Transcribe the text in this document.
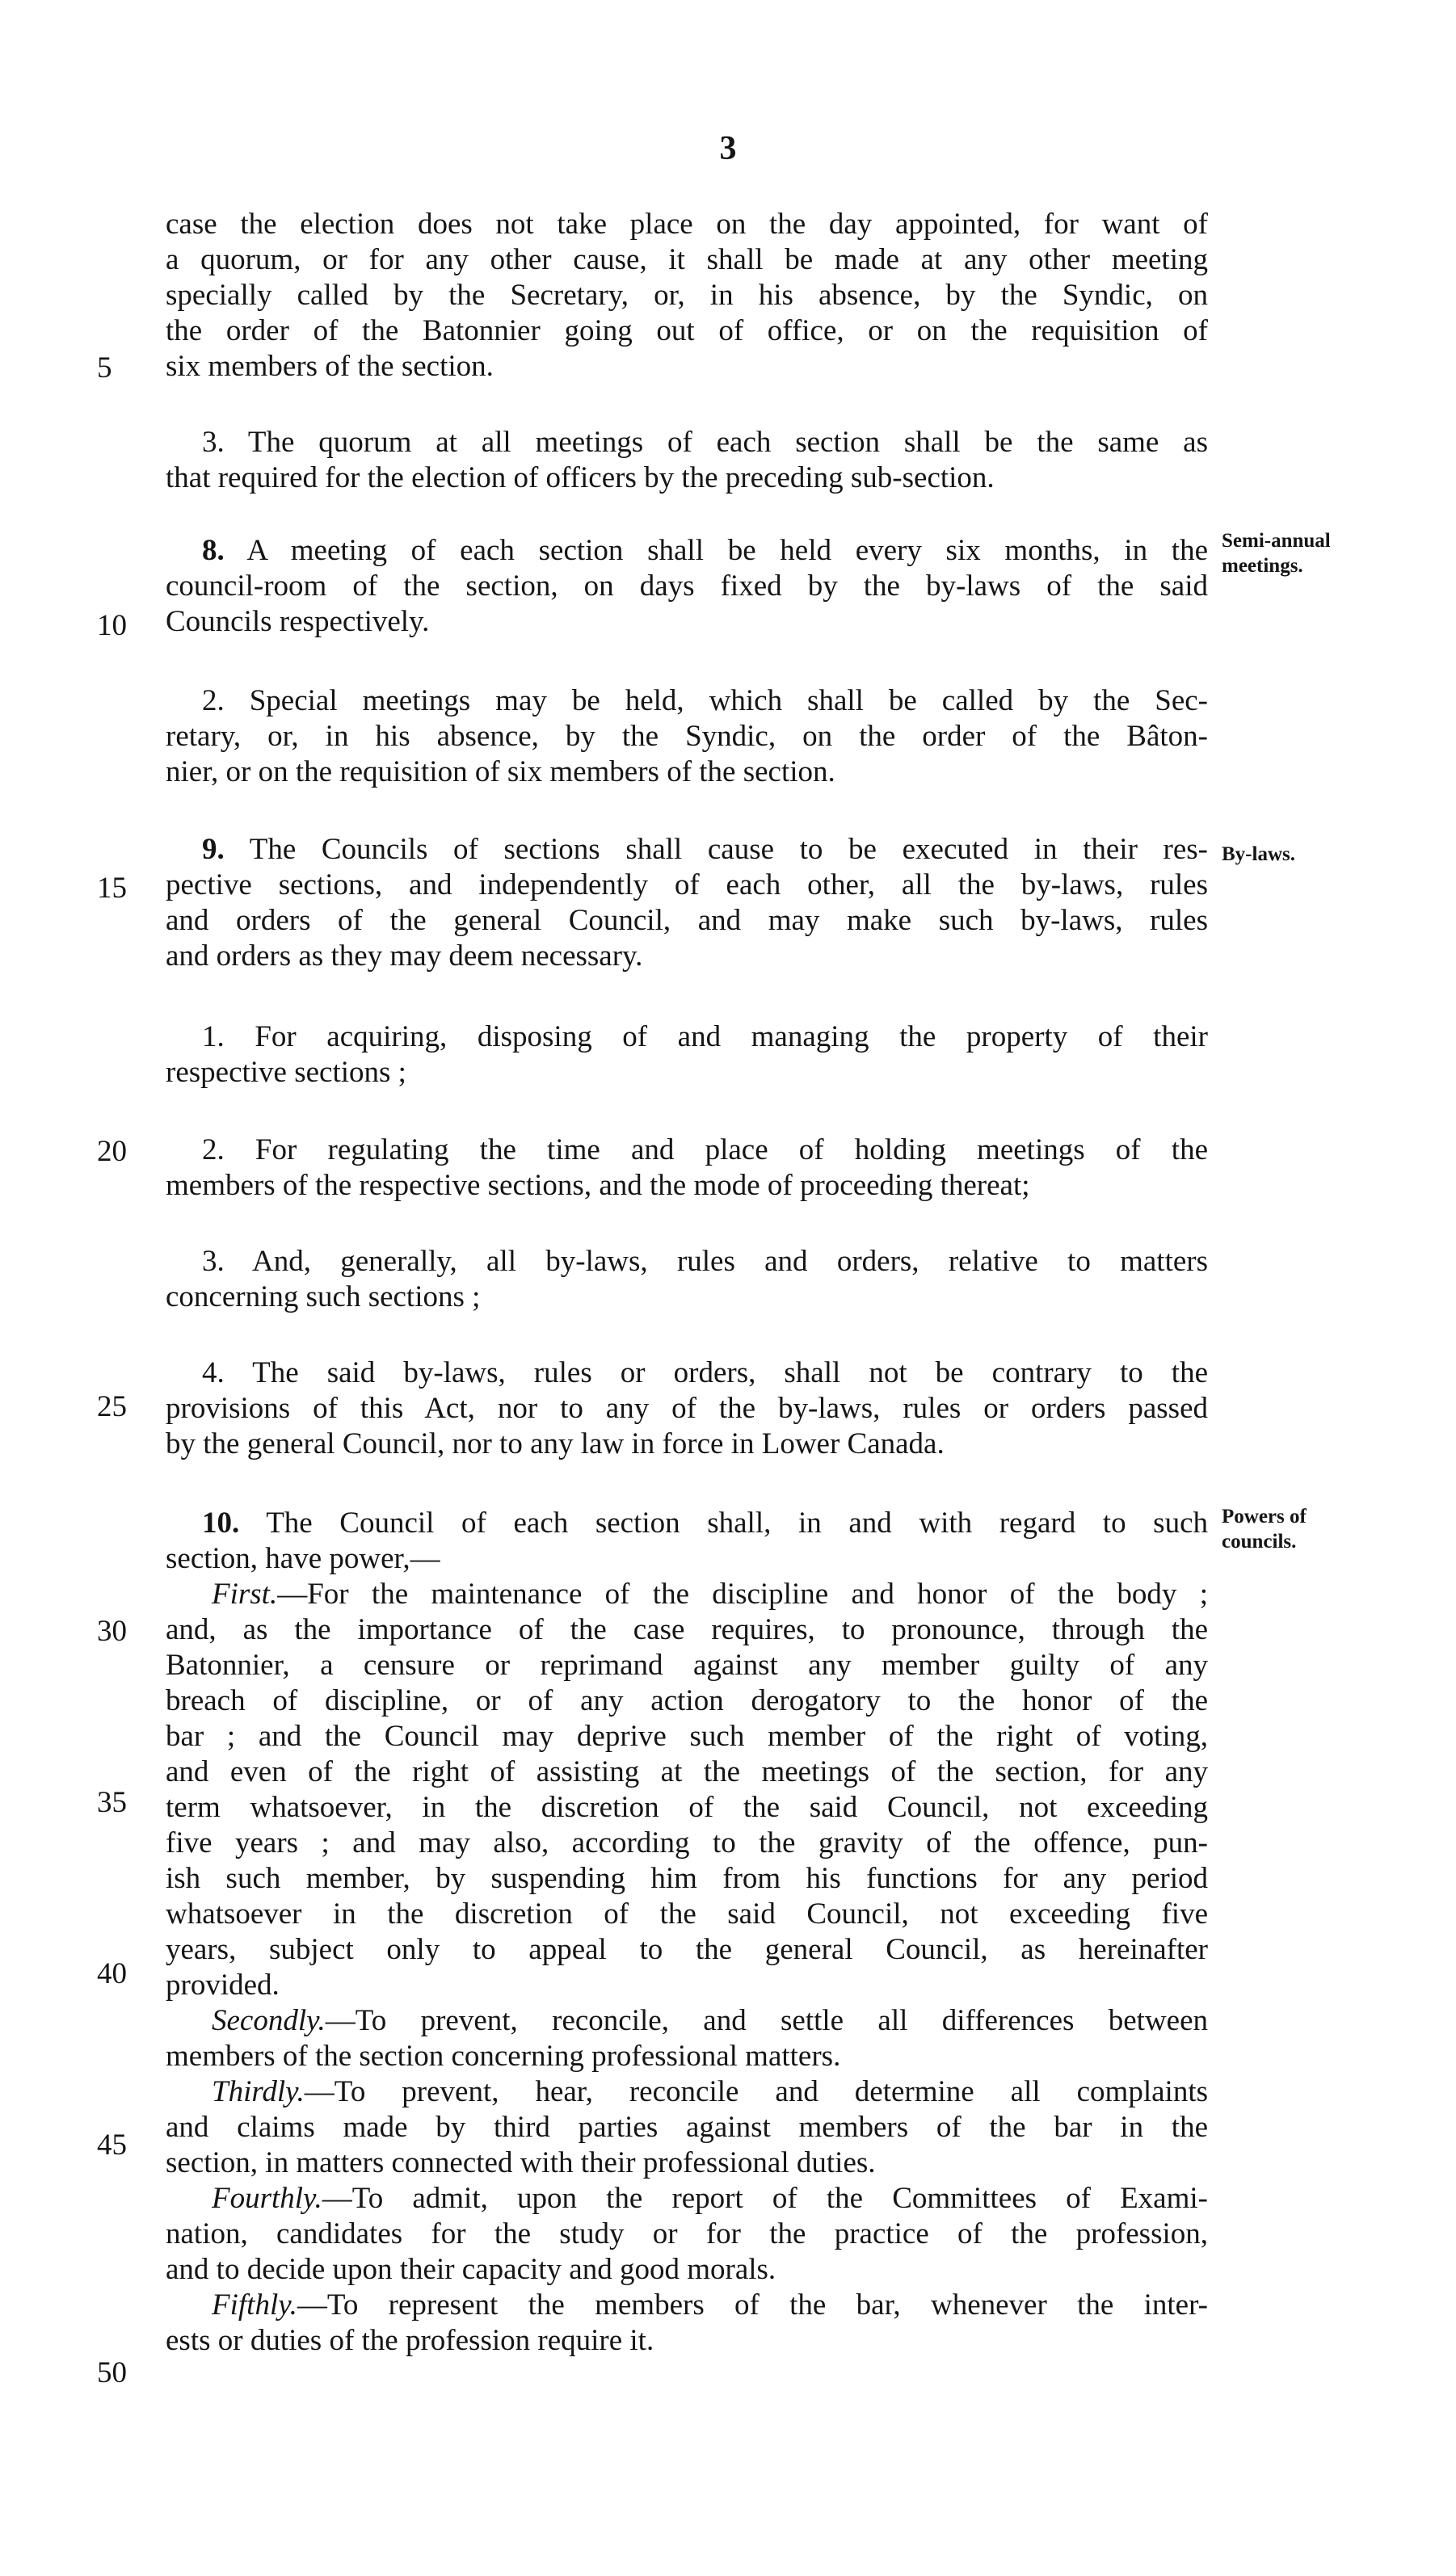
3
Semi-annual
meetings.
By-laws.
Powers of
councils.
5
10
15
20
25
30
35
40
45
50
case the election does not take place on the day appointed, for want of
a quorum, or for any other cause, it shall be made at any other meeting
specially called by the Secretary, or, in his absence, by the Syndic, on
the order of the Batonnier going out of office, or on the requisition of
six members of the section.
3. The quorum at all meetings of each section shall be the same as
that required for the election of officers by the preceding sub-section.
8. A meeting of each section shall be held every six months, in the
council-room of the section, on days fixed by the by-laws of the said
Councils respectively.
2. Special meetings may be held, which shall be called by the Sec-
retary, or, in his absence, by the Syndic, on the order of the Bâton-
nier, or on the requisition of six members of the section.
9. The Councils of sections shall cause to be executed in their res-
pective sections, and independently of each other, all the by-laws, rules
and orders of the general Council, and may make such by-laws, rules
and orders as they may deem necessary.
1. For acquiring, disposing of and managing the property of their
respective sections ;
2. For regulating the time and place of holding meetings of the
members of the respective sections, and the mode of proceeding thereat;
3. And, generally, all by-laws, rules and orders, relative to matters
concerning such sections ;
4. The said by-laws, rules or orders, shall not be contrary to the
provisions of this Act, nor to any of the by-laws, rules or orders passed
by the general Council, nor to any law in force in Lower Canada.
10. The Council of each section shall, in and with regard to such
section, have power,—
First.—For the maintenance of the discipline and honor of the body ;
and, as the importance of the case requires, to pronounce, through the
Batonnier, a censure or reprimand against any member guilty of any
breach of discipline, or of any action derogatory to the honor of the
bar ; and the Council may deprive such member of the right of voting,
and even of the right of assisting at the meetings of the section, for any
term whatsoever, in the discretion of the said Council, not exceeding
five years ; and may also, according to the gravity of the offence, pun-
ish such member, by suspending him from his functions for any period
whatsoever in the discretion of the said Council, not exceeding five
years, subject only to appeal to the general Council, as hereinafter
provided.
Secondly.—To prevent, reconcile, and settle all differences between
members of the section concerning professional matters.
Thirdly.—To prevent, hear, reconcile and determine all complaints
and claims made by third parties against members of the bar in the
section, in matters connected with their professional duties.
Fourthly.—To admit, upon the report of the Committees of Exami-
nation, candidates for the study or for the practice of the profession,
and to decide upon their capacity and good morals.
Fifthly.—To represent the members of the bar, whenever the inter-
ests or duties of the profession require it.
